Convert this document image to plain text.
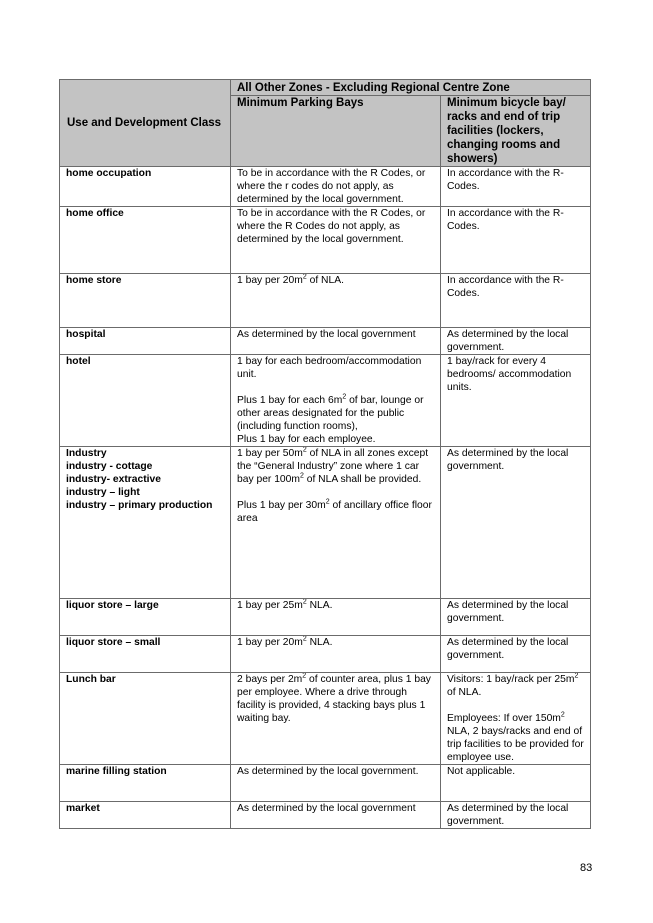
Use and Development Class	All Other Zones - Excluding Regional Centre Zone	
	Minimum Parking Bays	Minimum bicycle bay/ racks and end of trip facilities (lockers, changing rooms and showers)

home occupation	To be in accordance with the R Codes, or where the r codes do not apply, as determined by the local government.	In accordance with the R-Codes.

home office	To be in accordance with the R Codes, or where the R Codes do not apply, as determined by the local government.	In accordance with the R-Codes.

home store	1 bay per $20m^2$ of NLA.	In accordance with the R-Codes.

hospital	As determined by the local government	As determined by the local government.

hotel	1 bay for each bedroom/accommodation unit.
Plus 1 bay for each $6m^2$ of bar, lounge or other areas designated for the public (including function rooms),
Plus 1 bay for each employee.	1 bay/rack for every 4 bedrooms/ accommodation units.

Industry
industry - cottage
industry- extractive
industry – light
industry – primary production	1 bay per $50m^2$ of NLA in all zones except the “General Industry” zone where 1 car bay per $100m^2$ of NLA shall be provided.
Plus 1 bay per $30m^2$ of ancillary office floor area	As determined by the local government.

liquor store – large	1 bay per $25m^2$ NLA.	As determined by the local government.

liquor store – small	1 bay per $20m^2$ NLA.	As determined by the local government.

Lunch bar	2 bays per $2m^2$ of counter area, plus 1 bay per employee. Where a drive through facility is provided, 4 stacking bays plus 1 waiting bay.	Visitors: 1 bay/rack per $25m^2$ of NLA.
Employees: If over $150m^2$ NLA, 2 bays/racks and end of trip facilities to be provided for employee use.

marine filling station	As determined by the local government.	Not applicable.

market	As determined by the local government	As determined by the local government.
83
